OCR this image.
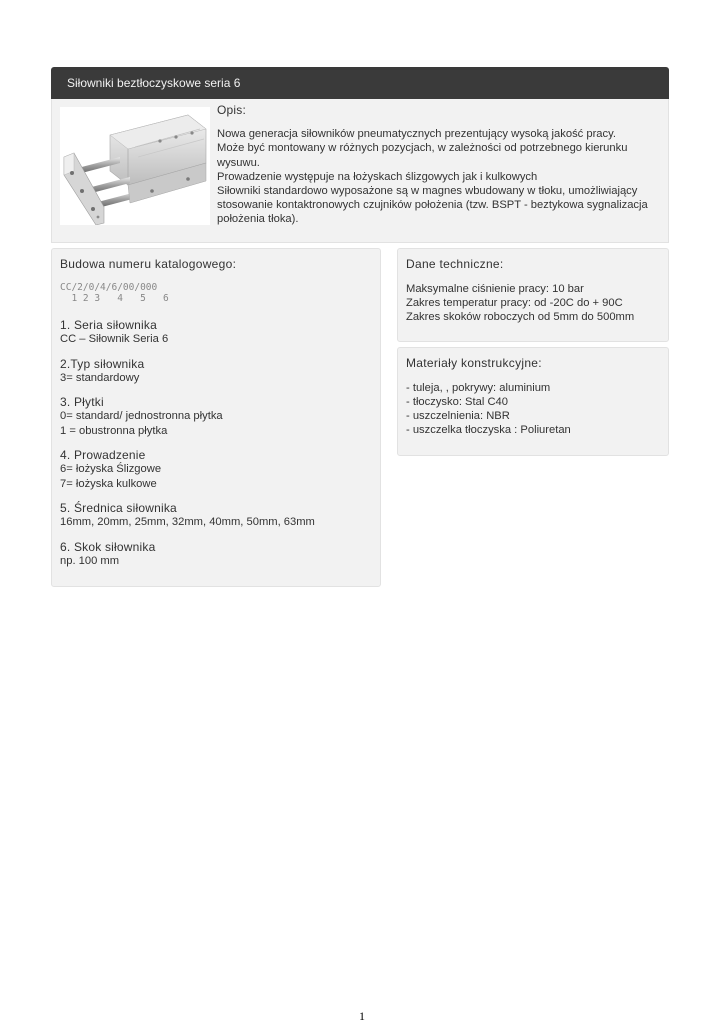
Siłowniki beztłoczyskowe seria 6
Opis:

Nowa generacja siłowników pneumatycznych prezentujący wysoką jakość pracy.

Może być montowany w różnych pozycjach, w zależności od potrzebnego kierunku

wysuwu.

Prowadzenie występuje na łożyskach ślizgowych jak i kulkowych

Siłowniki standardowo wyposażone są w magnes wbudowany w tłoku, umożliwiający

stosowanie kontaktronowych czujników położenia (tzw. BSPT - beztykowa sygnalizacja

położenia tłoka).

Budowa numeru katalogowego:
CC/2/0/4/6/00/000
1 2 3   4   5   6
1. Seria siłownika
CC – Siłownik Seria 6
2.Typ siłownika
3= standardowy
3. Płytki
0= standard/ jednostronna płytka
1 = obustronna płytka
4. Prowadzenie
6= łożyska Ślizgowe
7= łożyska kulkowe
5. Średnica siłownika
16mm, 20mm, 25mm, 32mm, 40mm, 50mm, 63mm
6. Skok siłownika
np. 100 mm
Dane techniczne:
Maksymalne ciśnienie pracy: 10 bar
Zakres temperatur pracy: od -20C do + 90C
Zakres skoków roboczych od 5mm do 500mm
Materiały konstrukcyjne:
- tuleja, , pokrywy: aluminium
- tłoczysko: Stal C40
- uszczelnienia: NBR
- uszczelka tłoczyska : Poliuretan
1
